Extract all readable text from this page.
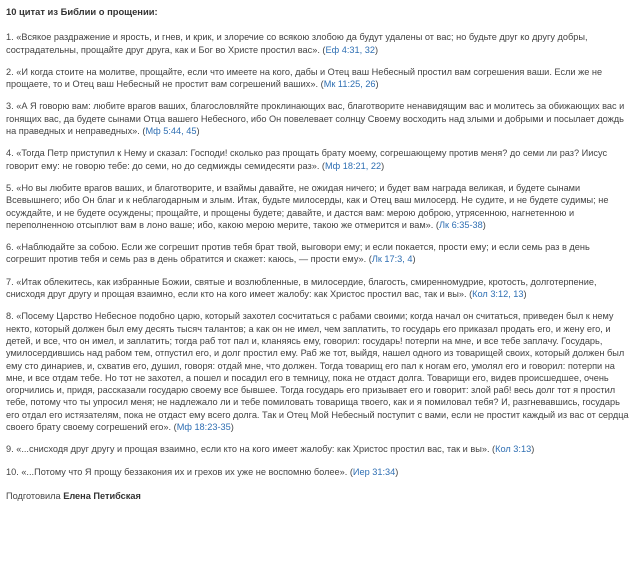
10 цитат из Библии о прощении:
1. «Всякое раздражение и ярость, и гнев, и крик, и злоречие со всякою злобою да будут удалены от вас; но будьте друг ко другу добры, сострадательны, прощайте друг друга, как и Бог во Христе простил вас». (Еф 4:31, 32)
2. «И когда стоите на молитве, прощайте, если что имеете на кого, дабы и Отец ваш Небесный простил вам согрешения ваши. Если же не прощаете, то и Отец ваш Небесный не простит вам согрешений ваших». (Мк 11:25, 26)
3. «А Я говорю вам: любите врагов ваших, благословляйте проклинающих вас, благотворите ненавидящим вас и молитесь за обижающих вас и гонящих вас, да будете сынами Отца вашего Небесного, ибо Он повелевает солнцу Своему восходить над злыми и добрыми и посылает дождь на праведных и неправедных». (Мф 5:44, 45)
4. «Тогда Петр приступил к Нему и сказал: Господи! сколько раз прощать брату моему, согрешающему против меня? до семи ли раз? Иисус говорит ему: не говорю тебе: до семи, но до седмижды семидесяти раз». (Мф 18:21, 22)
5. «Но вы любите врагов ваших, и благотворите, и взаймы давайте, не ожидая ничего; и будет вам награда великая, и будете сынами Всевышнего; ибо Он благ и к неблагодарным и злым. Итак, будьте милосерды, как и Отец ваш милосерд. Не судите, и не будете судимы; не осуждайте, и не будете осуждены; прощайте, и прощены будете; давайте, и дастся вам: мерою доброю, утрясенною, нагнетенною и переполненною отсыплют вам в лоно ваше; ибо, какою мерою мерите, такою же отмерится и вам». (Лк 6:35-38)
6. «Наблюдайте за собою. Если же согрешит против тебя брат твой, выговори ему; и если покается, прости ему; и если семь раз в день согрешит против тебя и семь раз в день обратится и скажет: каюсь, — прости ему». (Лк 17:3, 4)
7. «Итак облекитесь, как избранные Божии, святые и возлюбленные, в милосердие, благость, смиренномудрие, кротость, долготерпение, снисходя друг другу и прощая взаимно, если кто на кого имеет жалобу: как Христос простил вас, так и вы». (Кол 3:12, 13)
8. «Посему Царство Небесное подобно царю, который захотел сосчитаться с рабами своими; когда начал он считаться, приведен был к нему некто, который должен был ему десять тысяч талантов; а как он не имел, чем заплатить, то государь его приказал продать его, и жену его, и детей, и все, что он имел, и заплатить; тогда раб тот пал и, кланяясь ему, говорил: государь! потерпи на мне, и все тебе заплачу. Государь, умилосердившись над рабом тем, отпустил его, и долг простил ему. Раб же тот, выйдя, нашел одного из товарищей своих, который должен был ему сто динариев, и, схватив его, душил, говоря: отдай мне, что должен. Тогда товарищ его пал к ногам его, умолял его и говорил: потерпи на мне, и все отдам тебе. Но тот не захотел, а пошел и посадил его в темницу, пока не отдаст долга. Товарищи его, видев происшедшее, очень огорчились и, придя, рассказали государю своему все бывшее. Тогда государь его призывает его и говорит: злой раб! весь долг тот я простил тебе, потому что ты упросил меня; не надлежало ли и тебе помиловать товарища твоего, как и я помиловал тебя? И, разгневавшись, государь его отдал его истязателям, пока не отдаст ему всего долга. Так и Отец Мой Небесный поступит с вами, если не простит каждый из вас от сердца своего брату своему согрешений его». (Мф 18:23-35)
9. «...снисходя друг другу и прощая взаимно, если кто на кого имеет жалобу: как Христос простил вас, так и вы». (Кол 3:13)
10. «...Потому что Я прощу беззакония их и грехов их уже не воспомню более». (Иер 31:34)
Подготовила Елена Петибская
